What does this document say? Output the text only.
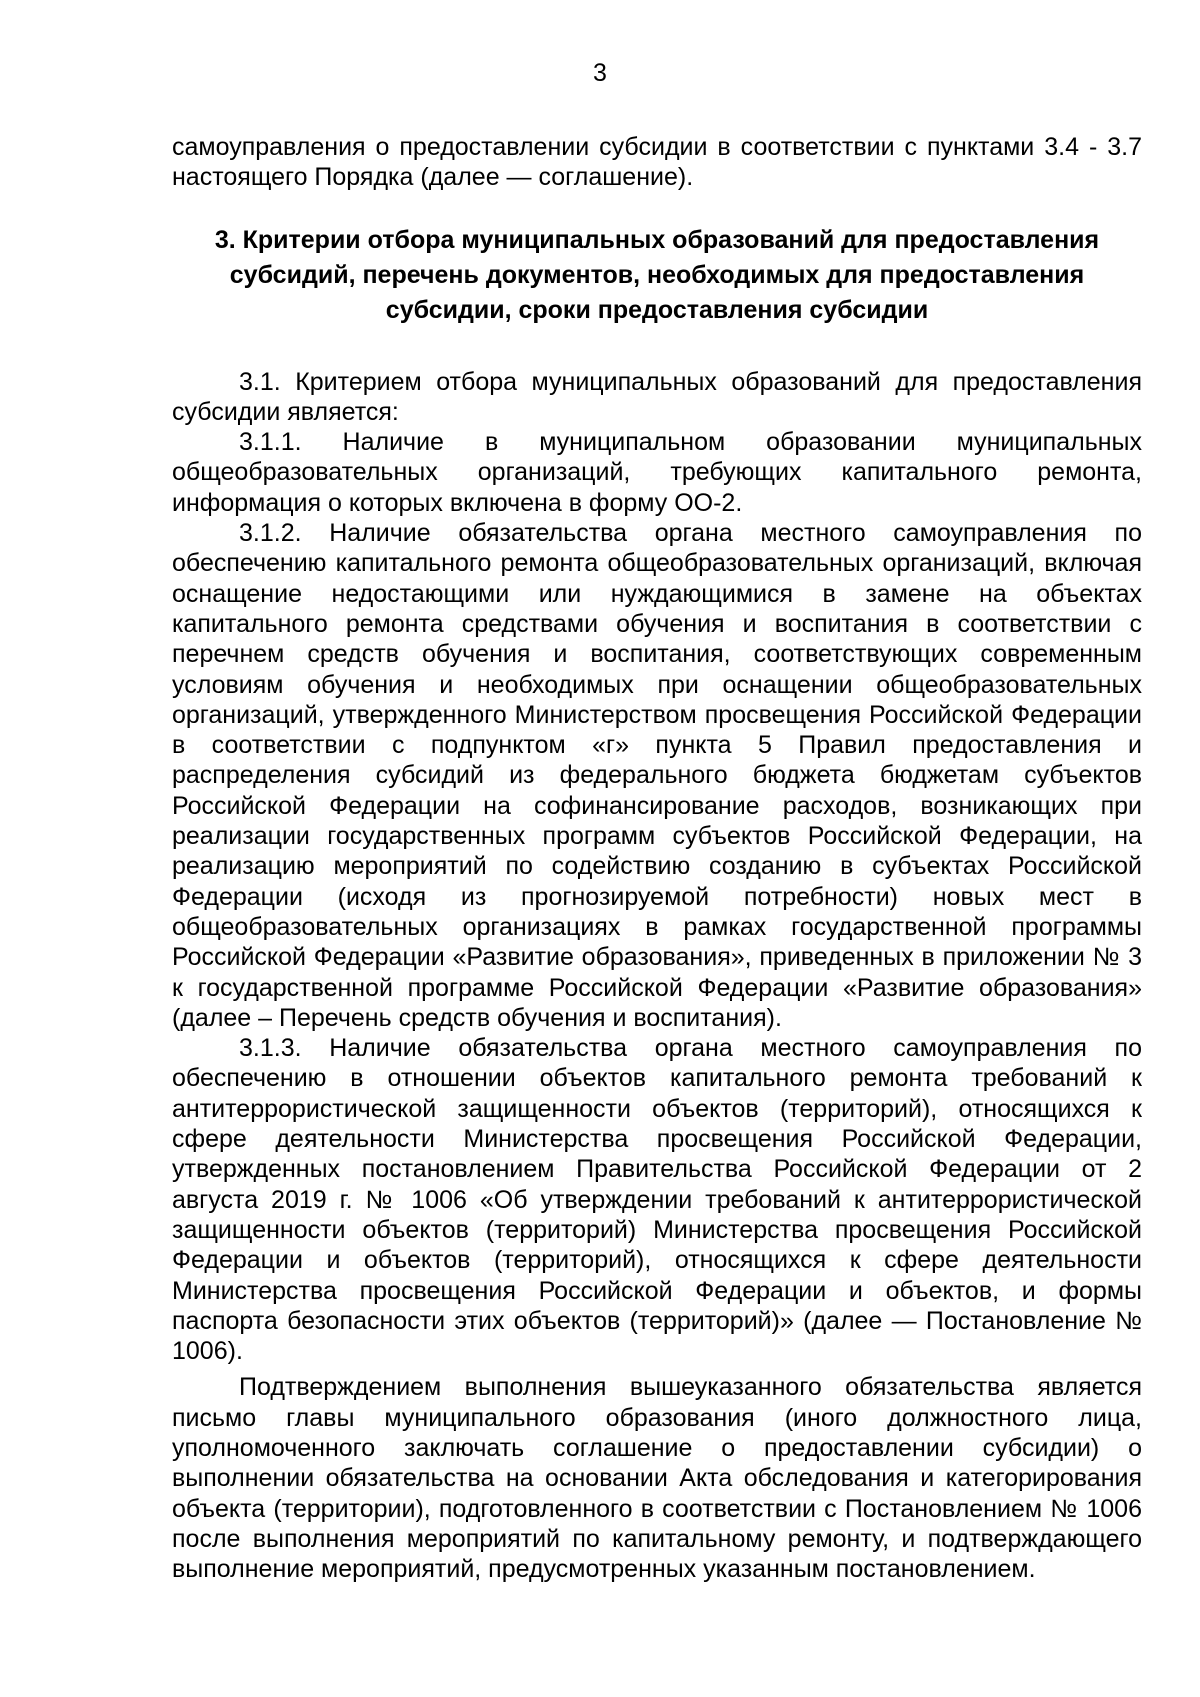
3

самоуправления о предоставлении субсидии в соответствии с пунктами 3.4 - 3.7 настоящего Порядка (далее — соглашение).

3. Критерии отбора муниципальных образований для предоставления субсидий, перечень документов, необходимых для предоставления субсидии, сроки предоставления субсидии

3.1. Критерием отбора муниципальных образований для предоставления субсидии является:

3.1.1. Наличие в муниципальном образовании муниципальных общеобразовательных организаций, требующих капитального ремонта, информация о которых включена в форму ОО-2.

3.1.2. Наличие обязательства органа местного самоуправления по обеспечению капитального ремонта общеобразовательных организаций, включая оснащение недостающими или нуждающимися в замене на объектах капитального ремонта средствами обучения и воспитания в соответствии с перечнем средств обучения и воспитания, соответствующих современным условиям обучения и необходимых при оснащении общеобразовательных организаций, утвержденного Министерством просвещения Российской Федерации в соответствии с подпунктом «г» пункта 5 Правил предоставления и распределения субсидий из федерального бюджета бюджетам субъектов Российской Федерации на софинансирование расходов, возникающих при реализации государственных программ субъектов Российской Федерации, на реализацию мероприятий по содействию созданию в субъектах Российской Федерации (исходя из прогнозируемой потребности) новых мест в общеобразовательных организациях в рамках государственной программы Российской Федерации «Развитие образования», приведенных в приложении № 3 к государственной программе Российской Федерации «Развитие образования» (далее – Перечень средств обучения и воспитания).

3.1.3. Наличие обязательства органа местного самоуправления по обеспечению в отношении объектов капитального ремонта требований к антитеррористической защищенности объектов (территорий), относящихся к сфере деятельности Министерства просвещения Российской Федерации, утвержденных постановлением Правительства Российской Федерации от 2 августа 2019 г. № 1006 «Об утверждении требований к антитеррористической защищенности объектов (территорий) Министерства просвещения Российской Федерации и объектов (территорий), относящихся к сфере деятельности Министерства просвещения Российской Федерации и объектов, и формы паспорта безопасности этих объектов (территорий)» (далее — Постановление № 1006).

Подтверждением выполнения вышеуказанного обязательства является письмо главы муниципального образования (иного должностного лица, уполномоченного заключать соглашение о предоставлении субсидии) о выполнении обязательства на основании Акта обследования и категорирования объекта (территории), подготовленного в соответствии с Постановлением № 1006 после выполнения мероприятий по капитальному ремонту, и подтверждающего выполнение мероприятий, предусмотренных указанным постановлением.
